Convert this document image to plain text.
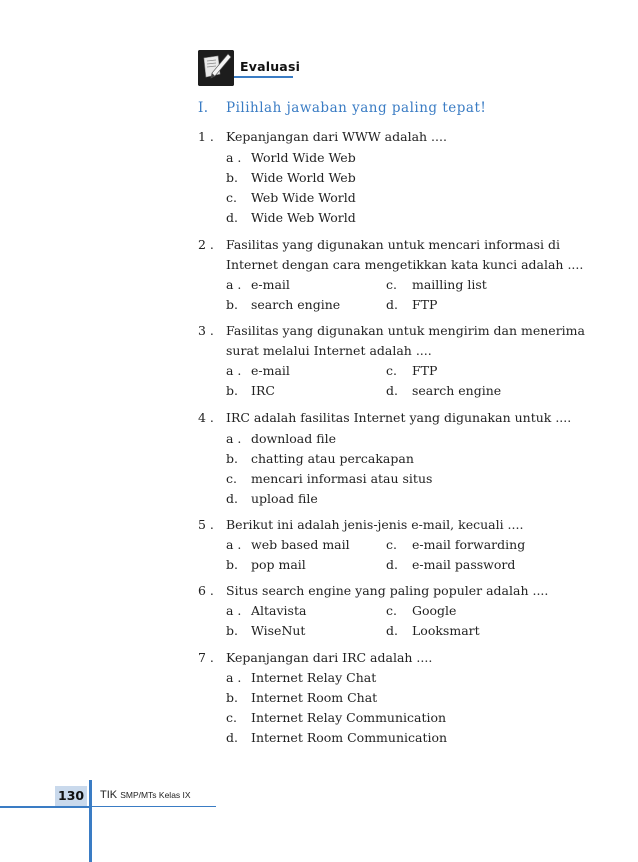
Evaluasi
I. Pilihlah jawaban yang paling tepat!
1 . Kepanjangan dari WWW adalah ....
a . World Wide Web
b.	Wide World Web
c.	Web Wide World
d.	Wide Web World
2 . Fasilitas yang digunakan untuk mencari informasi di
Internet dengan cara mengetikkan kata kunci adalah ....
a . e-mail	c.	mailling list
b.	search engine	d.	FTP
3 . Fasilitas yang digunakan untuk mengirim dan menerima
surat melalui Internet adalah ....
a . e-mail	c.	FTP
b.	IRC	d.	search engine
4 . IRC adalah fasilitas Internet yang digunakan untuk ....
a . download file
b.	chatting atau percakapan
c.	mencari informasi atau situs
d.	upload file
5 . Berikut ini adalah jenis-jenis e-mail, kecuali ....
a . web based mail	c.	e-mail forwarding
b.	pop mail	d.	e-mail password
6 . Situs search engine yang paling populer adalah ....
a . Altavista	c.	Google
b.	WiseNut	d.	Looksmart
7 . Kepanjangan dari IRC adalah ....
a . Internet Relay Chat
b.	Internet Room Chat
c.	Internet Relay Communication
d.	Internet Room Communication
130 TIK SMP/MTs Kelas IX
